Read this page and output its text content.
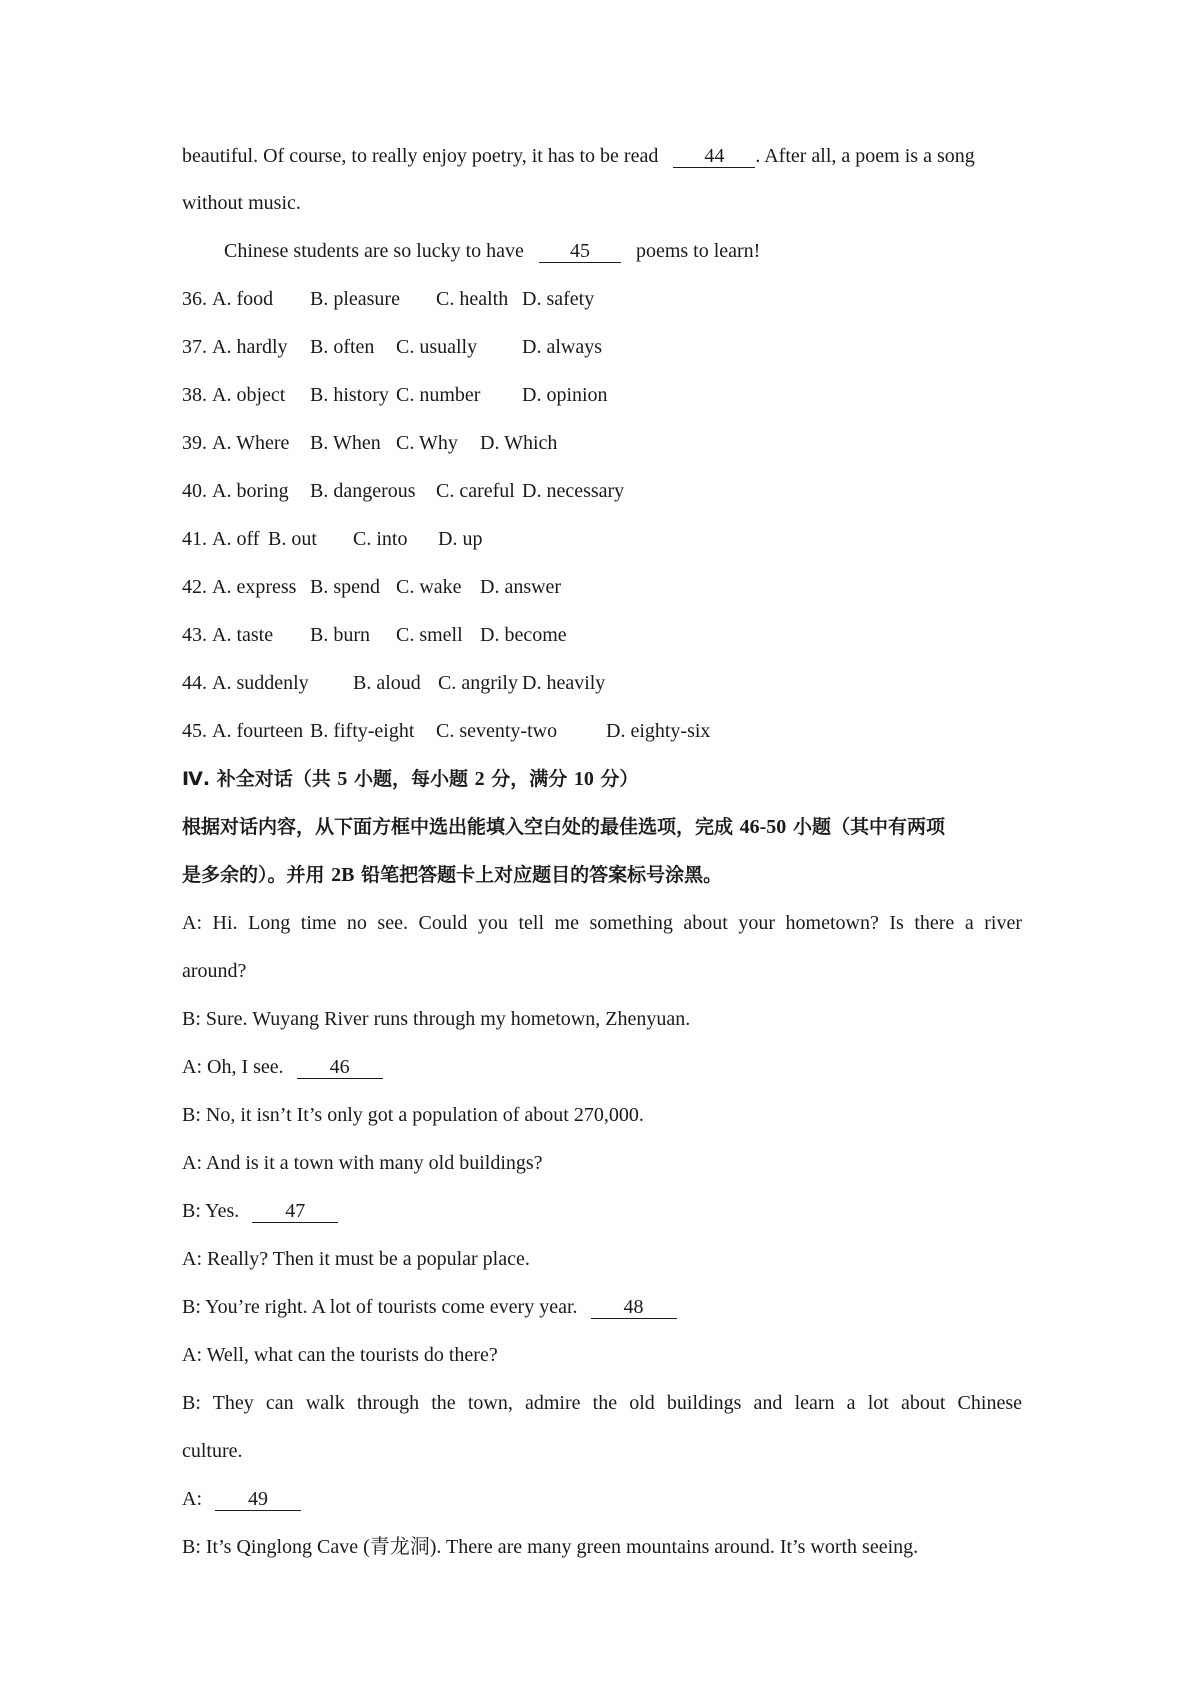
beautiful. Of course, to really enjoy poetry, it has to be read 44 . After all, a poem is a song
without music.
Chinese students are so lucky to have 45 poems to learn!
36. A. food B. pleasure C. health D. safety
37. A. hardly B. often C. usually D. always
38. A. object B. history C. number D. opinion
39. A. Where B. When C. Why D. Which
40. A. boring B. dangerous C. careful D. necessary
41. A. off B. out C. into D. up
42. A. express B. spend C. wake D. answer
43. A. taste B. burn C. smell D. become
44. A. suddenly B. aloud C. angrily D. heavily
45. A. fourteen B. fifty-eight C. seventy-two D. eighty-six
Ⅳ. 补全对话（共 5 小题，每小题 2 分，满分 10 分）
根据对话内容，从下面方框中选出能填入空白处的最佳选项，完成 46-50 小题（其中有两项
是多余的）。并用 2B 铅笔把答题卡上对应题目的答案标号涂黑。
A: Hi. Long time no see. Could you tell me something about your hometown? Is there a river
around?
B: Sure. Wuyang River runs through my hometown, Zhenyuan.
A: Oh, I see. 46
B: No, it isn’t It’s only got a population of about 270,000.
A: And is it a town with many old buildings?
B: Yes. 47
A: Really? Then it must be a popular place.
B: You’re right. A lot of tourists come every year. 48
A: Well, what can the tourists do there?
B: They can walk through the town, admire the old buildings and learn a lot about Chinese
culture.
A: 49
B: It’s Qinglong Cave (青龙洞). There are many green mountains around. It’s worth seeing.
